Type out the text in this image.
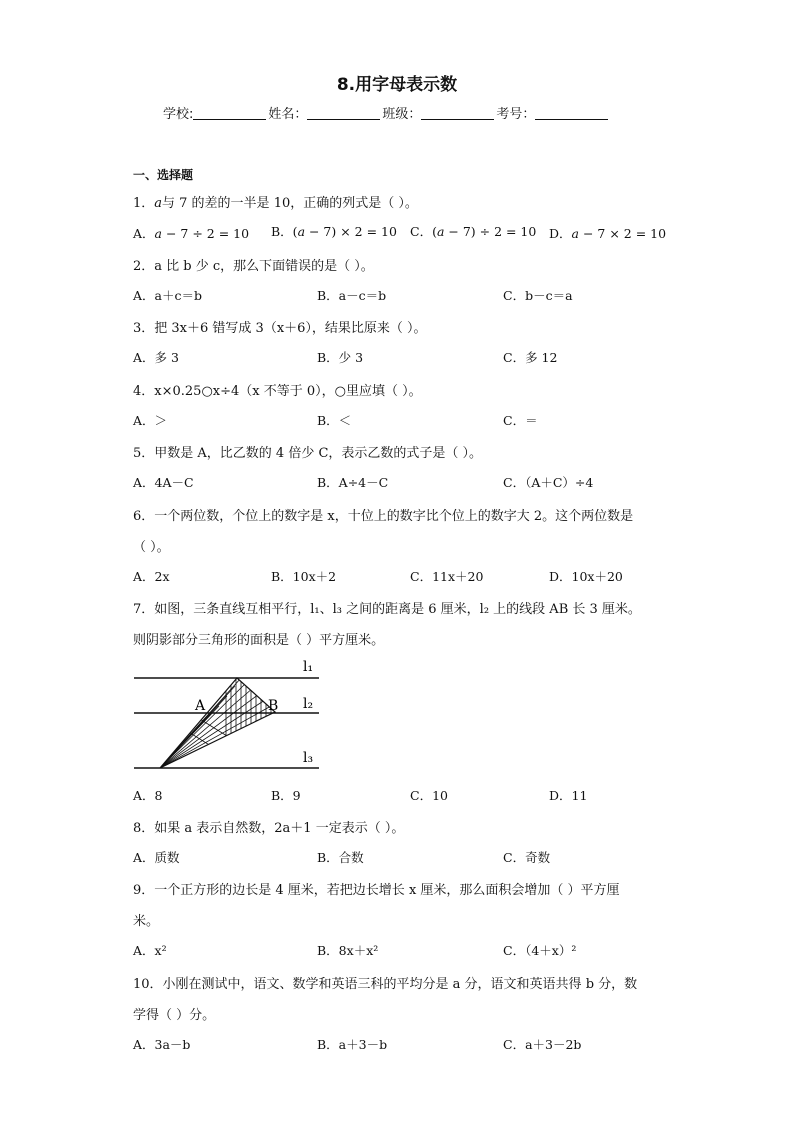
8.用字母表示数
学校:	姓名：	班级：	考号：
一、选择题
1．𝑎与 7 的差的一半是 10，正确的列式是（ ）。
A．𝑎 − 7 ÷ 2 = 10 B．(𝑎 − 7) × 2 = 10 C．(𝑎 − 7) ÷ 2 = 10 D．𝑎 − 7 × 2 = 10
2．a 比 b 少 c，那么下面错误的是（ ）。
A．a＋c＝b	B．a－c＝b	C．b－c＝a
3．把 3x＋6 错写成 3（x＋6），结果比原来（ ）。
A．多 3	B．少 3	C．多 12
4．x×0.25○x÷4（x 不等于 0），○里应填（ ）。
A．＞	B．＜	C．＝
5．甲数是 A，比乙数的 4 倍少 C，表示乙数的式子是（ ）。
A．4A－C	B．A÷4－C	C．（A＋C）÷4
6．一个两位数，个位上的数字是 x，十位上的数字比个位上的数字大 2。这个两位数是
（ ）。
A．2x	B．10x＋2	C．11x＋20	D．10x＋20
7．如图，三条直线互相平行，l₁、l₃ 之间的距离是 6 厘米，l₂ 上的线段 AB 长 3 厘米。
则阴影部分三角形的面积是（ ）平方厘米。
A	B
l₁
l₂
l₃
A．8	B．9	C．10	D．11
8．如果 a 表示自然数，2a＋1 一定表示（ ）。
A．质数	B．合数	C．奇数
9．一个正方形的边长是 4 厘米，若把边长增长 x 厘米，那么面积会增加（ ）平方厘
米。
A．x²	B．8x＋x²	C．（4＋x）²
10．小刚在测试中，语文、数学和英语三科的平均分是 a 分，语文和英语共得 b 分，数
学得（ ）分。
A．3a－b	B．a＋3－b	C．a＋3－2b
